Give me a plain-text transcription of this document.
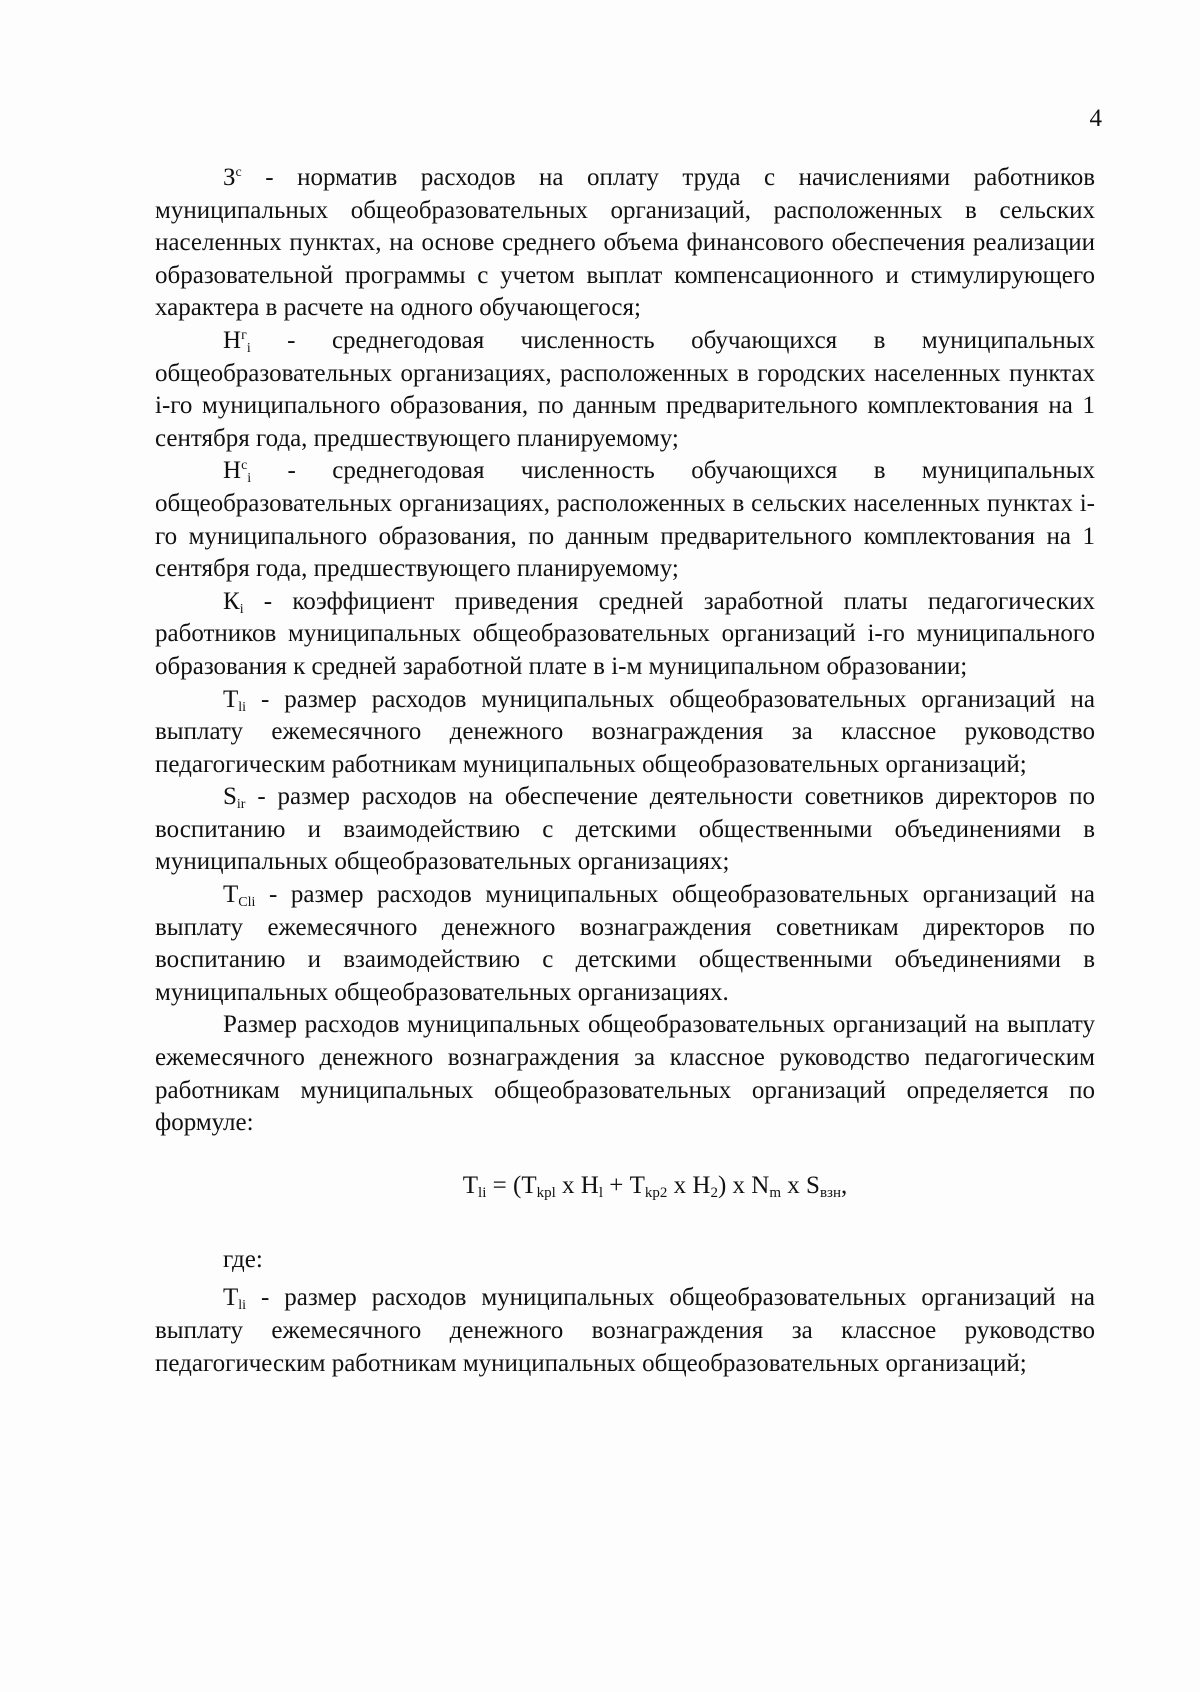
4

$З^с$ - норматив расходов на оплату труда с начислениями работников муниципальных общеобразовательных организаций, расположенных в сельских населенных пунктах, на основе среднего объема финансового обеспечения реализации образовательной программы с учетом выплат компенсационного и стимулирующего характера в расчете на одного обучающегося;

$Н^г_i$ - среднегодовая численность обучающихся в муниципальных общеобразовательных организациях, расположенных в городских населенных пунктах i-го муниципального образования, по данным предварительного комплектования на 1 сентября года, предшествующего планируемому;

$Н^с_i$ - среднегодовая численность обучающихся в муниципальных общеобразовательных организациях, расположенных в сельских населенных пунктах i-го муниципального образования, по данным предварительного комплектования на 1 сентября года, предшествующего планируемому;

$К_i$ - коэффициент приведения средней заработной платы педагогических работников муниципальных общеобразовательных организаций i-го муниципального образования к средней заработной плате в i-м муниципальном образовании;

$Т_{li}$ - размер расходов муниципальных общеобразовательных организаций на выплату ежемесячного денежного вознаграждения за классное руководство педагогическим работникам муниципальных общеобразовательных организаций;

$S_{ir}$ - размер расходов на обеспечение деятельности советников директоров по воспитанию и взаимодействию с детскими общественными объединениями в муниципальных общеобразовательных организациях;

$Т_{Cli}$ - размер расходов муниципальных общеобразовательных организаций на выплату ежемесячного денежного вознаграждения советникам директоров по воспитанию и взаимодействию с детскими общественными объединениями в муниципальных общеобразовательных организациях.

Размер расходов муниципальных общеобразовательных организаций на выплату ежемесячного денежного вознаграждения за классное руководство педагогическим работникам муниципальных общеобразовательных организаций определяется по формуле:

$Т_{li} = (Т_{kpl}$ x $Н_l + Т_{kp2}$ x $Н_2$) x $N_m$ x $S_{взн}$,

где:

$Т_{li}$ - размер расходов муниципальных общеобразовательных организаций на выплату ежемесячного денежного вознаграждения за классное руководство педагогическим работникам муниципальных общеобразовательных организаций;
